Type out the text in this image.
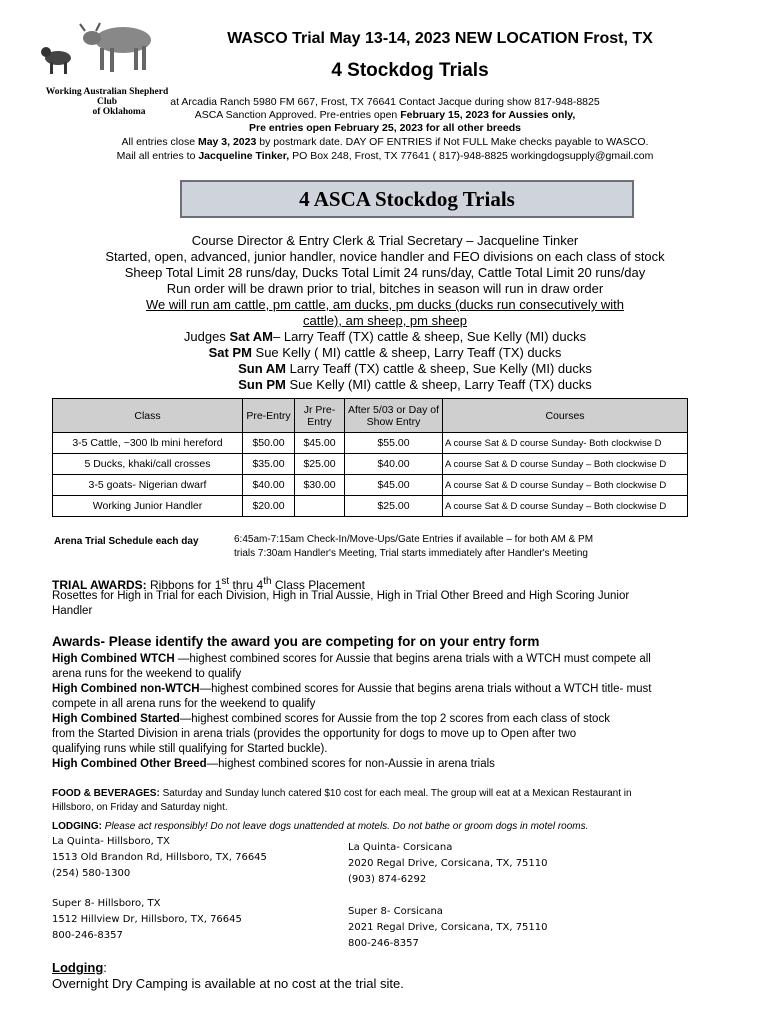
Working Australian Shepherd Club
of Oklahoma
WASCO Trial May 13-14, 2023 NEW LOCATION Frost, TX
4 Stockdog Trials
at Arcadia Ranch 5980 FM 667, Frost, TX 76641 Contact Jacque during show 817-948-8825
ASCA Sanction Approved. Pre-entries open February 15, 2023 for Aussies only,
Pre entries open February 25, 2023 for all other breeds
All entries close May 3, 2023 by postmark date. DAY OF ENTRIES if Not FULL Make checks payable to WASCO.
Mail all entries to Jacqueline Tinker, PO Box 248, Frost, TX 77641 ( 817)-948-8825 workingdogsupply@gmail.com
4 ASCA Stockdog Trials
Course Director & Entry Clerk & Trial Secretary – Jacqueline Tinker
Started, open, advanced, junior handler, novice handler and FEO divisions on each class of stock
Sheep Total Limit 28 runs/day, Ducks Total Limit 24 runs/day, Cattle Total Limit 20 runs/day
Run order will be drawn prior to trial, bitches in season will run in draw order
We will run am cattle, pm cattle, am ducks, pm ducks (ducks run consecutively with
cattle), am sheep, pm sheep
Judges Sat AM– Larry Teaff (TX) cattle & sheep, Sue Kelly (MI) ducks
Sat PM Sue Kelly ( MI) cattle & sheep, Larry Teaff (TX) ducks
Sun AM Larry Teaff (TX) cattle & sheep, Sue Kelly (MI) ducks
Sun PM Sue Kelly (MI) cattle & sheep, Larry Teaff (TX) ducks
Class	Pre-Entry	Jr Pre-Entry	After 5/03 or Day of Show Entry	Courses
3-5 Cattle, ~300 lb mini hereford	$50.00	$45.00	$55.00	A course Sat & D course Sunday- Both clockwise D
5 Ducks, khaki/call crosses	$35.00	$25.00	$40.00	A course Sat & D course Sunday – Both clockwise D
3-5 goats- Nigerian dwarf	$40.00	$30.00	$45.00	A course Sat & D course Sunday – Both clockwise D
Working Junior Handler	$20.00		$25.00	A course Sat & D course Sunday – Both clockwise D
Arena Trial Schedule each day	6:45am-7:15am Check-In/Move-Ups/Gate Entries if available – for both AM & PM
trials 7:30am Handler's Meeting, Trial starts immediately after Handler's Meeting
TRIAL AWARDS: Ribbons for 1st thru 4th Class Placement
Rosettes for High in Trial for each Division, High in Trial Aussie, High in Trial Other Breed and High Scoring Junior
Handler
Awards- Please identify the award you are competing for on your entry form
High Combined WTCH —highest combined scores for Aussie that begins arena trials with a WTCH must compete all
arena runs for the weekend to qualify
High Combined non-WTCH—highest combined scores for Aussie that begins arena trials without a WTCH title- must
compete in all arena runs for the weekend to qualify
High Combined Started—highest combined scores for Aussie from the top 2 scores from each class of stock
from the Started Division in arena trials (provides the opportunity for dogs to move up to Open after two
qualifying runs while still qualifying for Started buckle).
High Combined Other Breed—highest combined scores for non-Aussie in arena trials
FOOD & BEVERAGES: Saturday and Sunday lunch catered $10 cost for each meal. The group will eat at a Mexican Restaurant in
Hillsboro, on Friday and Saturday night.
LODGING: Please act responsibly! Do not leave dogs unattended at motels. Do not bathe or groom dogs in motel rooms.
La Quinta- Hillsboro, TX
1513 Old Brandon Rd, Hillsboro, TX, 76645
(254) 580-1300
Super 8- Hillsboro, TX
1512 Hillview Dr, Hillsboro, TX, 76645
800-246-8357
La Quinta- Corsicana
2020 Regal Drive, Corsicana, TX, 75110
(903) 874-6292
Super 8- Corsicana
2021 Regal Drive, Corsicana, TX, 75110
800-246-8357
Lodging:
Overnight Dry Camping is available at no cost at the trial site.
